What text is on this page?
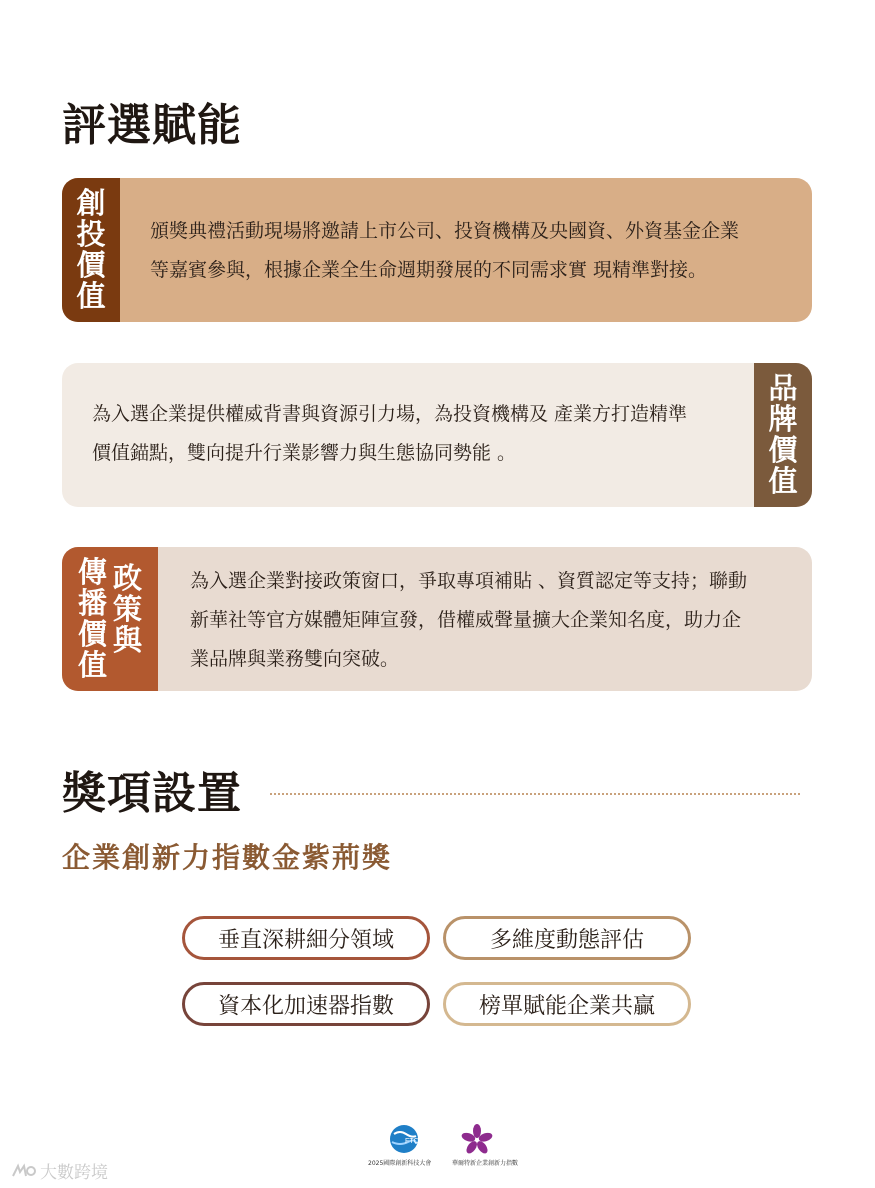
評選賦能
創
投
價
值
頒獎典禮活動現場將邀請上市公司、投資機構及央國資、外資基金企業
等嘉賓參與，根據企業全生命週期發展的不同需求實 現精準對接。
品
牌
價
值
為入選企業提供權威背書與資源引力場，為投資機構及 產業方打造精準
價值錨點，雙向提升行業影響力與生態協同勢能 。
傳
播
價
值
政
策
與
為入選企業對接政策窗口，爭取專項補貼 、資質認定等支持；聯動
新華社等官方媒體矩陣宣發，借權威聲量擴大企業知名度，助力企
業品牌與業務雙向突破。
獎項設置
企業創新力指數金紫荊獎
垂直深耕細分領域	多維度動態評估
資本化加速器指數	榜單賦能企業共贏
FTC
2025國際創新科技大會	華爾特新企業創新力指數
大數跨境
